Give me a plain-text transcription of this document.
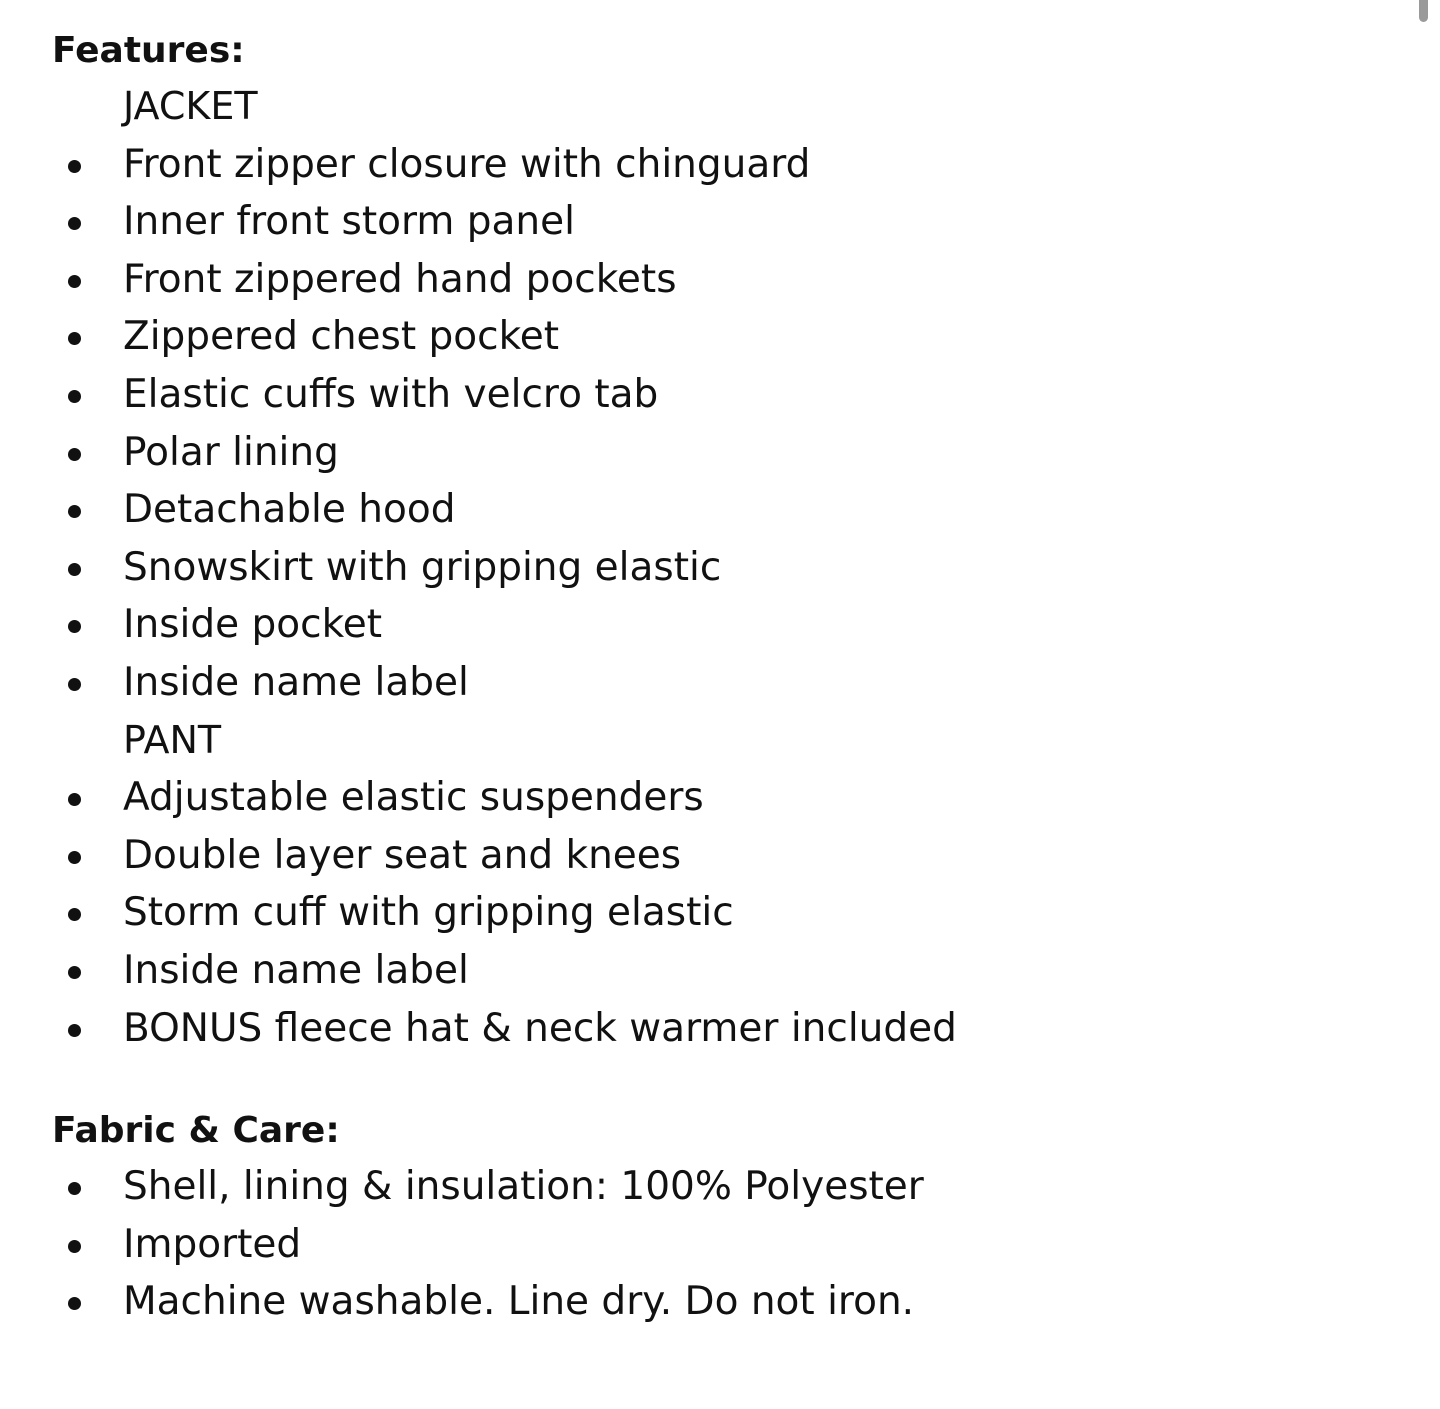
Features:
JACKET
Front zipper closure with chinguard
Inner front storm panel
Front zippered hand pockets
Zippered chest pocket
Elastic cuffs with velcro tab
Polar lining
Detachable hood
Snowskirt with gripping elastic
Inside pocket
Inside name label
PANT
Adjustable elastic suspenders
Double layer seat and knees
Storm cuff with gripping elastic
Inside name label
BONUS fleece hat & neck warmer included
Fabric & Care:
Shell, lining & insulation: 100% Polyester
Imported
Machine washable. Line dry. Do not iron.
